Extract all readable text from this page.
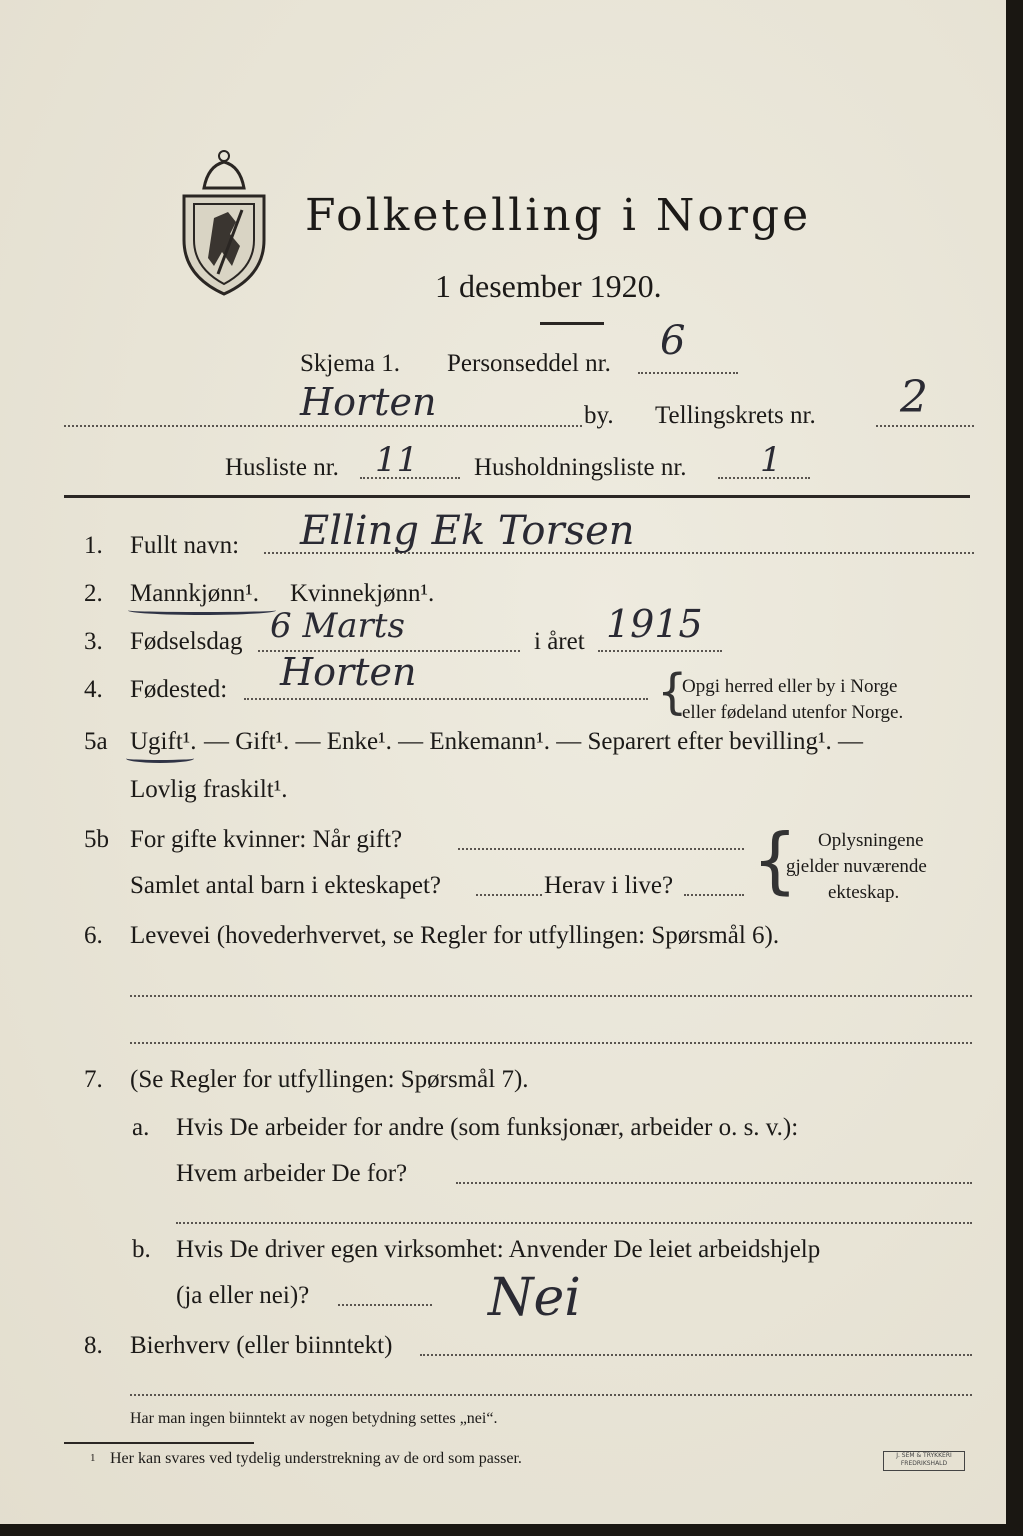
Folketelling i Norge
1 desember 1920.
Skjema 1. Personseddel nr. 6
Horten	by. Tellingskrets nr. 2
Husliste nr. 11 Husholdningsliste nr. 1
1. Fullt navn: Elling Ek Torsen
2. Mannkjønn¹. Kvinnekjønn¹.
3. Fødselsdag 6 Marts	i året 1915
4. Fødested: Horten	{
Opgi herred eller by i Norge
eller fødeland utenfor Norge.
5a Ugift¹. — Gift¹. — Enke¹. — Enkemann¹. — Separert efter bevilling¹. —
Lovlig fraskilt¹.
5b For gifte kvinner: Når gift?
Samlet antal barn i ekteskapet?	Herav i live? { Oplysningene
gjelder nuværende
ekteskap.
6. Levevei (hovederhvervet, se Regler for utfyllingen: Spørsmål 6).
7. (Se Regler for utfyllingen: Spørsmål 7).
a. Hvis De arbeider for andre (som funksjonær, arbeider o. s. v.):
Hvem arbeider De for?
b. Hvis De driver egen virksomhet: Anvender De leiet arbeidshjelp
(ja eller nei)?	Nei
8. Bierhverv (eller biinntekt)
Har man ingen biinntekt av nogen betydning settes „nei“.
1 Her kan svares ved tydelig understrekning av de ord som passer.	J. SEM & TRYKKERI FREDRIKSHALD
